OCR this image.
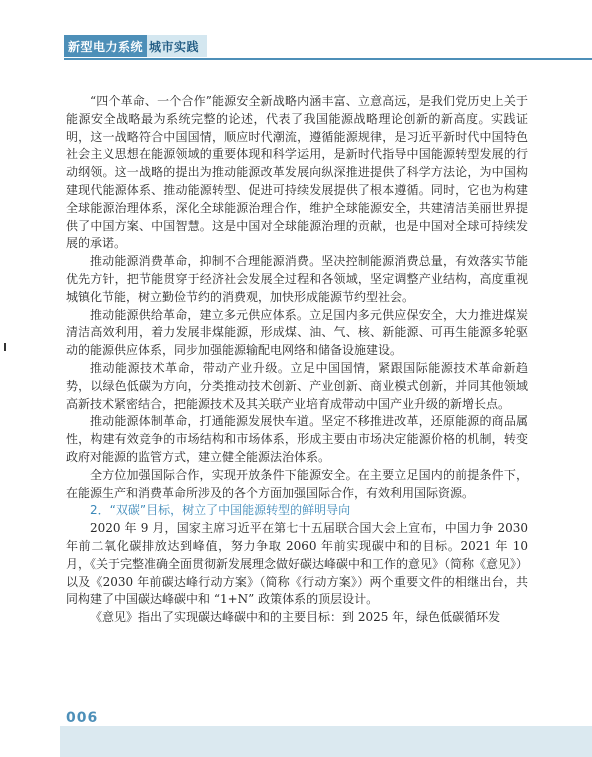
新型电力系统 城市实践

“四个革命、一个合作”能源安全新战略内涵丰富、立意高远，是我们党历史上关于能源安全战略最为系统完整的论述，代表了我国能源战略理论创新的新高度。实践证明，这一战略符合中国国情，顺应时代潮流，遵循能源规律，是习近平新时代中国特色社会主义思想在能源领域的重要体现和科学运用，是新时代指导中国能源转型发展的行动纲领。这一战略的提出为推动能源改革发展向纵深推进提供了科学方法论，为中国构建现代能源体系、推动能源转型、促进可持续发展提供了根本遵循。同时，它也为构建全球能源治理体系，深化全球能源治理合作，维护全球能源安全，共建清洁美丽世界提供了中国方案、中国智慧。这是中国对全球能源治理的贡献，也是中国对全球可持续发展的承诺。

推动能源消费革命，抑制不合理能源消费。坚决控制能源消费总量，有效落实节能优先方针，把节能贯穿于经济社会发展全过程和各领域，坚定调整产业结构，高度重视城镇化节能，树立勤俭节约的消费观，加快形成能源节约型社会。

推动能源供给革命，建立多元供应体系。立足国内多元供应保安全，大力推进煤炭清洁高效利用，着力发展非煤能源，形成煤、油、气、核、新能源、可再生能源多轮驱动的能源供应体系，同步加强能源输配电网络和储备设施建设。

推动能源技术革命，带动产业升级。立足中国国情，紧跟国际能源技术革命新趋势，以绿色低碳为方向，分类推动技术创新、产业创新、商业模式创新，并同其他领域高新技术紧密结合，把能源技术及其关联产业培育成带动中国产业升级的新增长点。

推动能源体制革命，打通能源发展快车道。坚定不移推进改革，还原能源的商品属性，构建有效竞争的市场结构和市场体系，形成主要由市场决定能源价格的机制，转变政府对能源的监管方式，建立健全能源法治体系。

全方位加强国际合作，实现开放条件下能源安全。在主要立足国内的前提条件下，在能源生产和消费革命所涉及的各个方面加强国际合作，有效利用国际资源。

2．“双碳”目标，树立了中国能源转型的鲜明导向

2020 年 9 月，国家主席习近平在第七十五届联合国大会上宣布，中国力争 2030 年前二氧化碳排放达到峰值，努力争取 2060 年前实现碳中和的目标。2021 年 10 月，《关于完整准确全面贯彻新发展理念做好碳达峰碳中和工作的意见》（简称《意见》）以及《2030 年前碳达峰行动方案》（简称《行动方案》）两个重要文件的相继出台，共同构建了中国碳达峰碳中和 “1+N” 政策体系的顶层设计。

《意见》指出了实现碳达峰碳中和的主要目标：到 2025 年，绿色低碳循环发

006
